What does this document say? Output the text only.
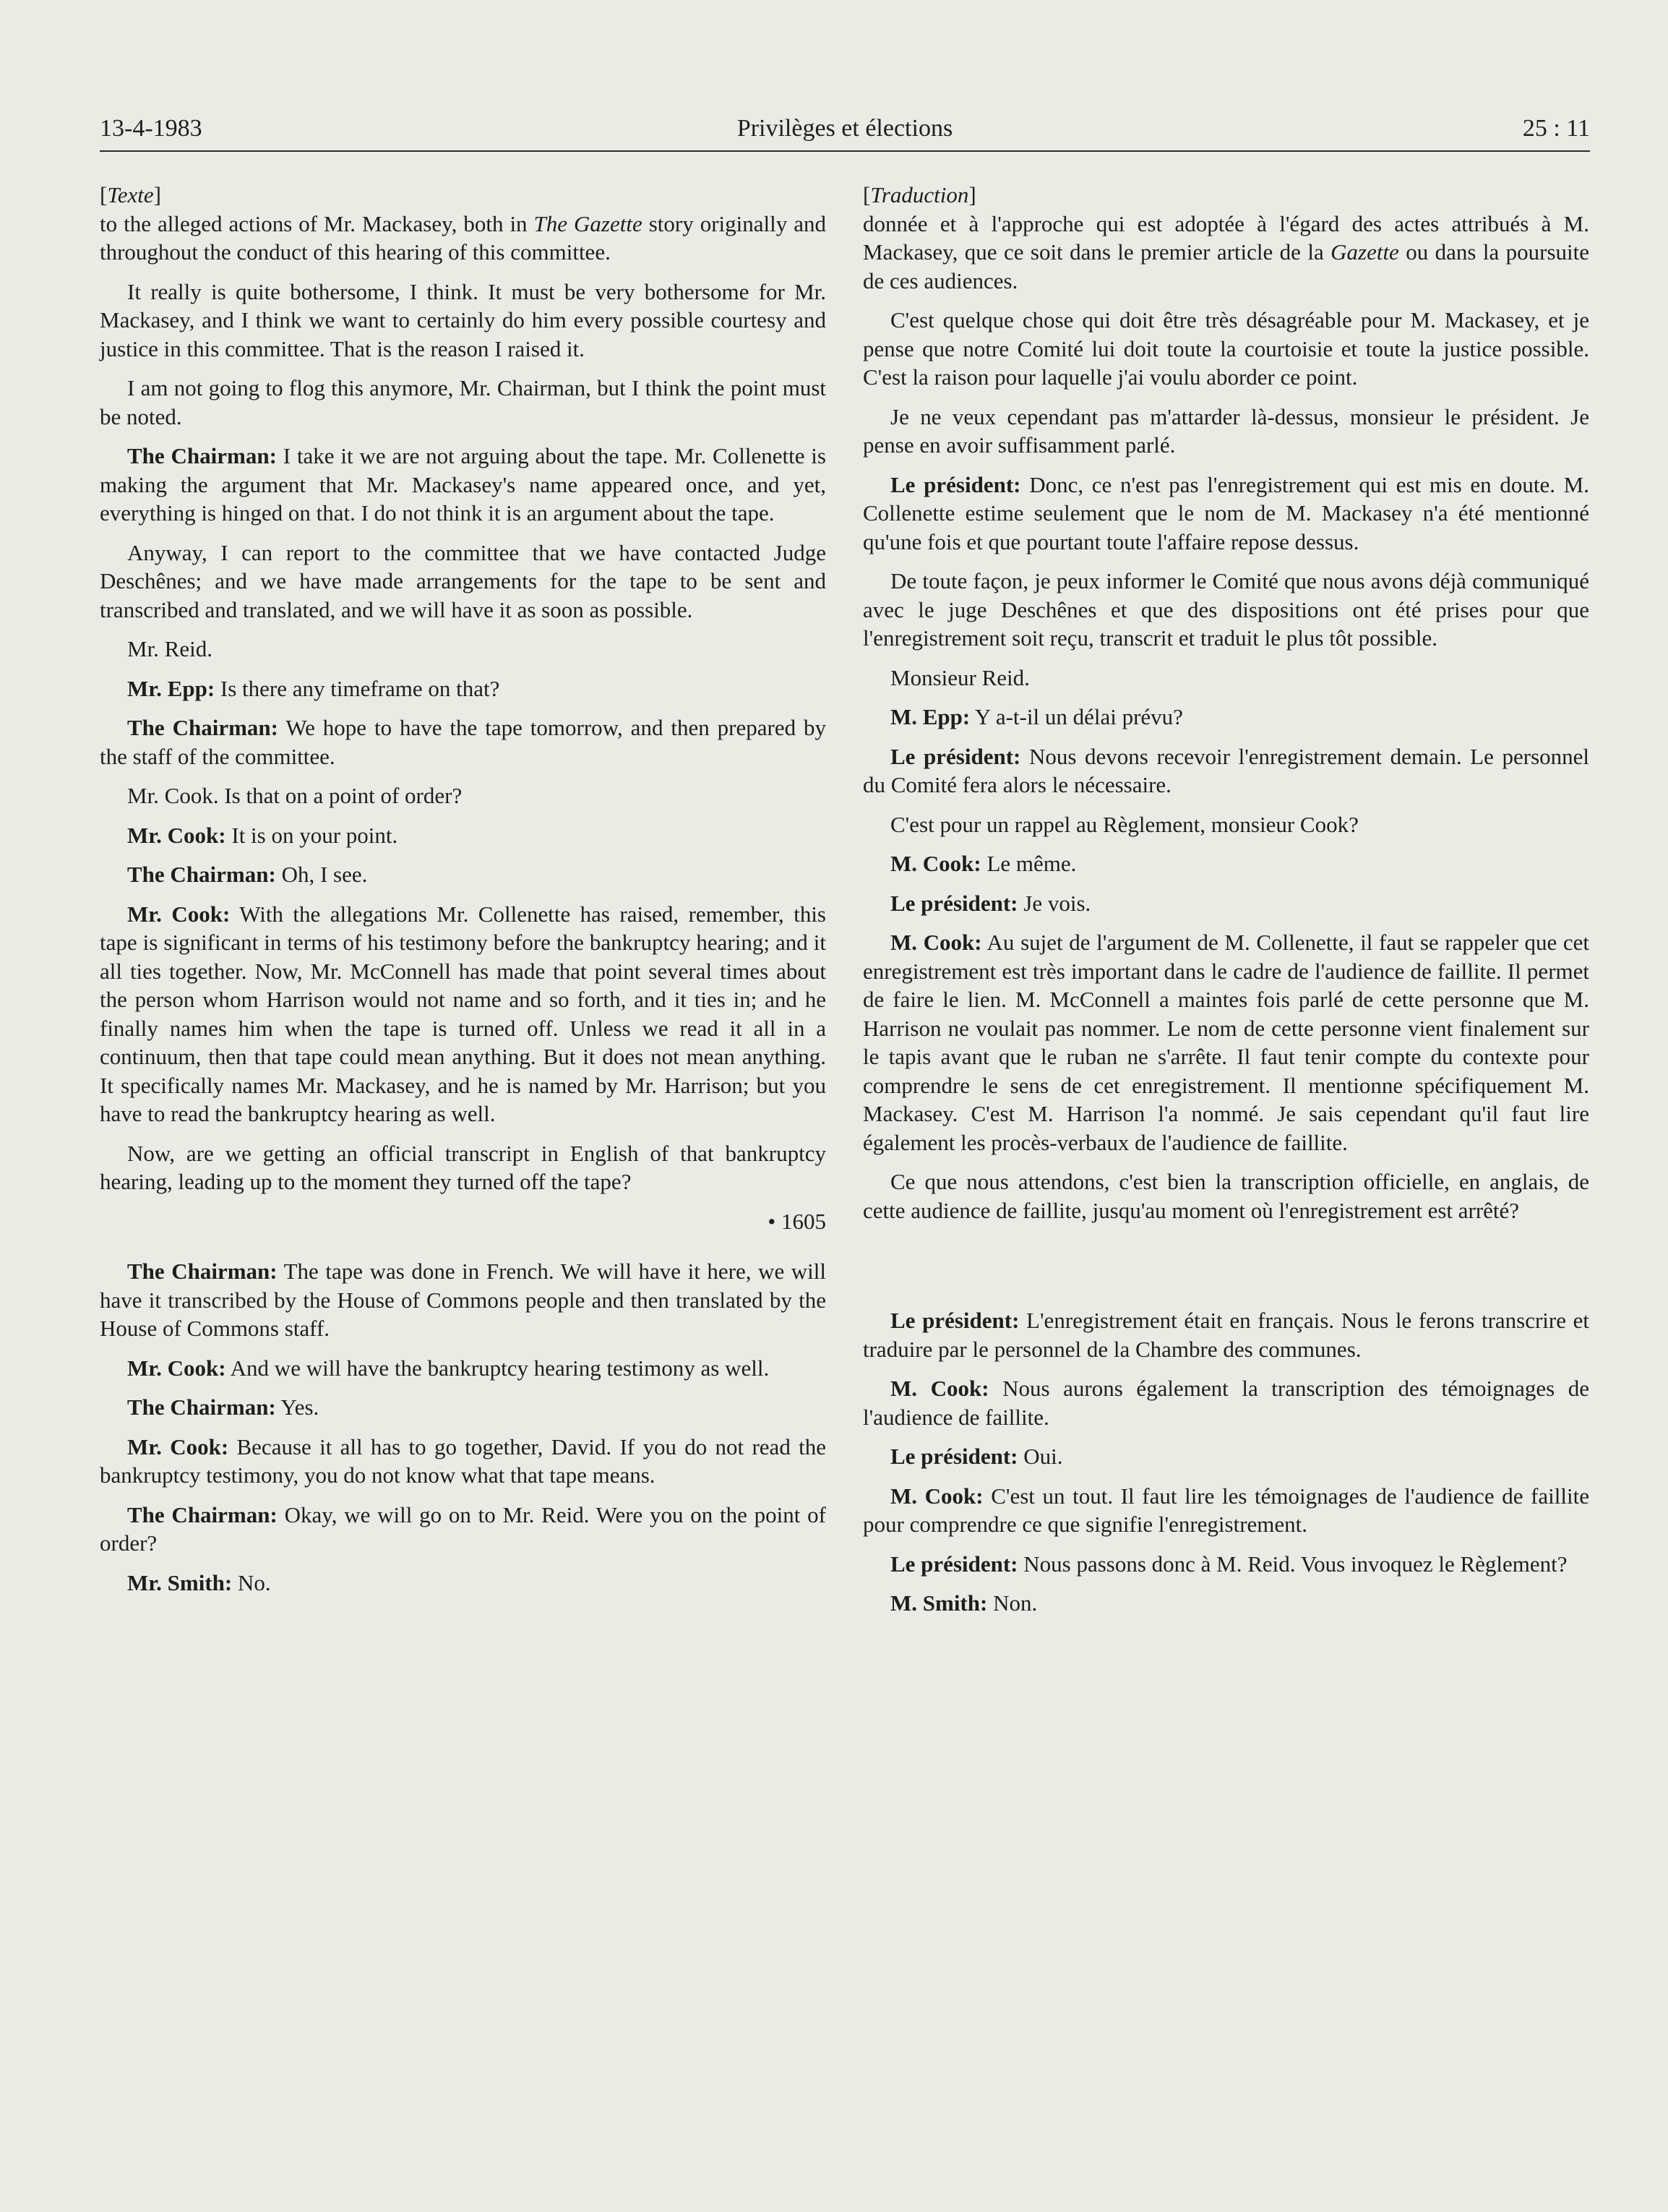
13-4-1983	Privilèges et élections	25 : 11

[Texte]

to the alleged actions of Mr. Mackasey, both in The Gazette story originally and throughout the conduct of this hearing of this committee.

It really is quite bothersome, I think. It must be very bothersome for Mr. Mackasey, and I think we want to certainly do him every possible courtesy and justice in this committee. That is the reason I raised it.

I am not going to flog this anymore, Mr. Chairman, but I think the point must be noted.

The Chairman: I take it we are not arguing about the tape. Mr. Collenette is making the argument that Mr. Mackasey's name appeared once, and yet, everything is hinged on that. I do not think it is an argument about the tape.

Anyway, I can report to the committee that we have contacted Judge Deschênes; and we have made arrangements for the tape to be sent and transcribed and translated, and we will have it as soon as possible.

Mr. Reid.

Mr. Epp: Is there any timeframe on that?

The Chairman: We hope to have the tape tomorrow, and then prepared by the staff of the committee.

Mr. Cook. Is that on a point of order?

Mr. Cook: It is on your point.

The Chairman: Oh, I see.

Mr. Cook: With the allegations Mr. Collenette has raised, remember, this tape is significant in terms of his testimony before the bankruptcy hearing; and it all ties together. Now, Mr. McConnell has made that point several times about the person whom Harrison would not name and so forth, and it ties in; and he finally names him when the tape is turned off. Unless we read it all in a continuum, then that tape could mean anything. But it does not mean anything. It specifically names Mr. Mackasey, and he is named by Mr. Harrison; but you have to read the bankruptcy hearing as well.

Now, are we getting an official transcript in English of that bankruptcy hearing, leading up to the moment they turned off the tape?

• 1605

The Chairman: The tape was done in French. We will have it here, we will have it transcribed by the House of Commons people and then translated by the House of Commons staff.

Mr. Cook: And we will have the bankruptcy hearing testimony as well.

The Chairman: Yes.

Mr. Cook: Because it all has to go together, David. If you do not read the bankruptcy testimony, you do not know what that tape means.

The Chairman: Okay, we will go on to Mr. Reid. Were you on the point of order?

Mr. Smith: No.

[Traduction]

donnée et à l'approche qui est adoptée à l'égard des actes attribués à M. Mackasey, que ce soit dans le premier article de la Gazette ou dans la poursuite de ces audiences.

C'est quelque chose qui doit être très désagréable pour M. Mackasey, et je pense que notre Comité lui doit toute la courtoisie et toute la justice possible. C'est la raison pour laquelle j'ai voulu aborder ce point.

Je ne veux cependant pas m'attarder là-dessus, monsieur le président. Je pense en avoir suffisamment parlé.

Le président: Donc, ce n'est pas l'enregistrement qui est mis en doute. M. Collenette estime seulement que le nom de M. Mackasey n'a été mentionné qu'une fois et que pourtant toute l'affaire repose dessus.

De toute façon, je peux informer le Comité que nous avons déjà communiqué avec le juge Deschênes et que des dispositions ont été prises pour que l'enregistrement soit reçu, transcrit et traduit le plus tôt possible.

Monsieur Reid.

M. Epp: Y a-t-il un délai prévu?

Le président: Nous devons recevoir l'enregistrement demain. Le personnel du Comité fera alors le nécessaire.

C'est pour un rappel au Règlement, monsieur Cook?

M. Cook: Le même.

Le président: Je vois.

M. Cook: Au sujet de l'argument de M. Collenette, il faut se rappeler que cet enregistrement est très important dans le cadre de l'audience de faillite. Il permet de faire le lien. M. McConnell a maintes fois parlé de cette personne que M. Harrison ne voulait pas nommer. Le nom de cette personne vient finalement sur le tapis avant que le ruban ne s'arrête. Il faut tenir compte du contexte pour comprendre le sens de cet enregistrement. Il mentionne spécifiquement M. Mackasey. C'est M. Harrison l'a nommé. Je sais cependant qu'il faut lire également les procès-verbaux de l'audience de faillite.

Ce que nous attendons, c'est bien la transcription officielle, en anglais, de cette audience de faillite, jusqu'au moment où l'enregistrement est arrêté?

Le président: L'enregistrement était en français. Nous le ferons transcrire et traduire par le personnel de la Chambre des communes.

M. Cook: Nous aurons également la transcription des témoignages de l'audience de faillite.

Le président: Oui.

M. Cook: C'est un tout. Il faut lire les témoignages de l'audience de faillite pour comprendre ce que signifie l'enregistrement.

Le président: Nous passons donc à M. Reid. Vous invoquez le Règlement?

M. Smith: Non.
